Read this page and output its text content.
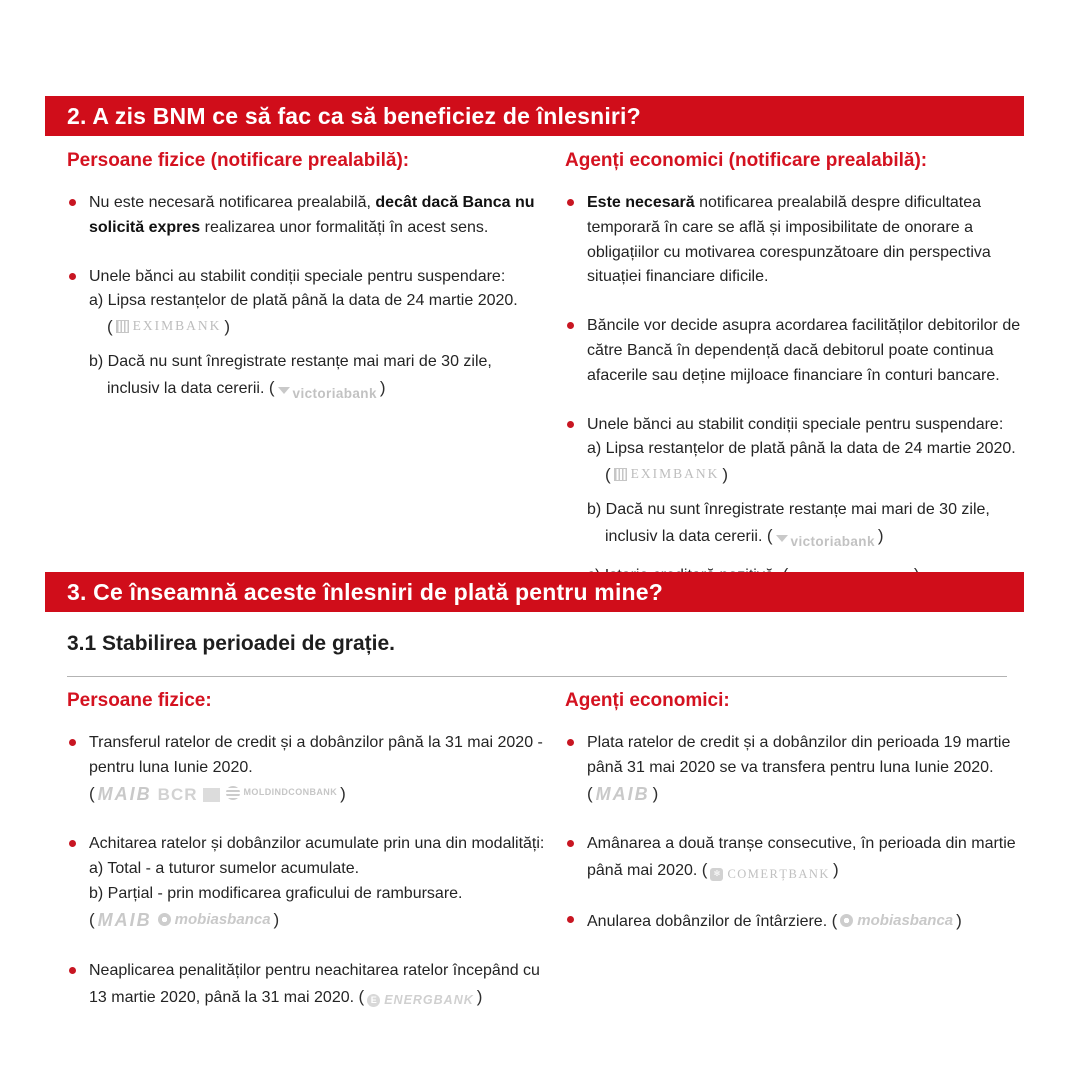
2. A zis BNM ce să fac ca să beneficiez de înlesniri?
Persoane fizice (notificare prealabilă):
Nu este necesară notificarea prealabilă, decât dacă Banca nu solicită expres realizarea unor formalități în acest sens.
Unele bănci au stabilit condiții speciale pentru suspendare:
a) Lipsa restanțelor de plată până la data de 24 martie 2020.
( EXIMBANK )
b) Dacă nu sunt înregistrate restanțe mai mari de 30 zile,
inclusiv la data cererii. ( victoriabank )
Agenți economici (notificare prealabilă):
Este necesară notificarea prealabilă despre dificultatea temporară în care se află și imposibilitate de onorare a obligațiilor cu motivarea corespunzătoare din perspectiva situației financiare dificile.
Băncile vor decide asupra acordarea facilităților debitorilor de către Bancă în dependență dacă debitorul poate continua afacerile sau deține mijloace financiare în conturi bancare.
Unele bănci au stabilit condiții speciale pentru suspendare:
a) Lipsa restanțelor de plată până la data de 24 martie 2020.
( EXIMBANK )
b) Dacă nu sunt înregistrate restanțe mai mari de 30 zile,
inclusiv la data cererii. ( victoriabank )
3. Ce înseamnă aceste înlesniri de plată pentru mine?
3.1 Stabilirea perioadei de grație.
Persoane fizice:
Transferul ratelor de credit și a dobânzilor până la 31 mai 2020 - pentru luna Iunie 2020.
( MAIB BCR	MOLDINDCONBANK )
Achitarea ratelor și dobânzilor acumulate prin una din modalități:
a) Total - a tuturor sumelor acumulate.
b) Parțial - prin modificarea graficului de rambursare.
( MAIB mobiasbanca )
Neaplicarea penalităților pentru neachitarea ratelor începând cu 13 martie 2020, până la 31 mai 2020. ( E ENERGBANK )
Agenți economici:
Plata ratelor de credit și a dobânzilor din perioada 19 martie până 31 mai 2020 se va transfera pentru luna Iunie 2020.
( MAIB )
Amânarea a două tranșe consecutive, în perioada din martie până mai 2020. ( ✻ COMERȚBANK )
Anularea dobânzilor de întârziere. ( mobiasbanca )
